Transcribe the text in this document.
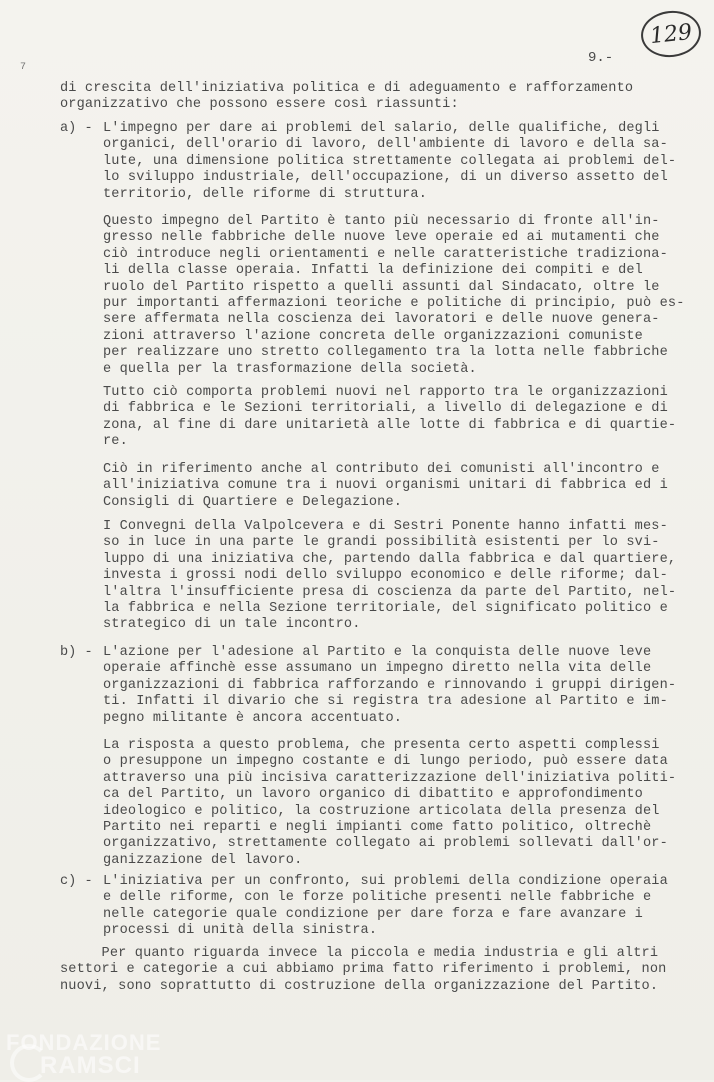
129
9.-
7
di crescita dell'iniziativa politica e di adeguamento e rafforzamento
organizzativo che possono essere così riassunti:
a) - L'impegno per dare ai problemi del salario, delle qualifiche, degli
organici, dell'orario di lavoro, dell'ambiente di lavoro e della sa-
lute, una dimensione politica strettamente collegata ai problemi del-
lo sviluppo industriale, dell'occupazione, di un diverso assetto del
territorio, delle riforme di struttura.
Questo impegno del Partito è tanto più necessario di fronte all'in-
gresso nelle fabbriche delle nuove leve operaie ed ai mutamenti che
ciò introduce negli orientamenti e nelle caratteristiche tradiziona-
li della classe operaia. Infatti la definizione dei compiti e del
ruolo del Partito rispetto a quelli assunti dal Sindacato, oltre le
pur importanti affermazioni teoriche e politiche di principio, può es-
sere affermata nella coscienza dei lavoratori e delle nuove genera-
zioni attraverso l'azione concreta delle organizzazioni comuniste
per realizzare uno stretto collegamento tra la lotta nelle fabbriche
e quella per la trasformazione della società.
Tutto ciò comporta problemi nuovi nel rapporto tra le organizzazioni
di fabbrica e le Sezioni territoriali, a livello di delegazione e di
zona, al fine di dare unitarietà alle lotte di fabbrica e di quartie-
re.
Ciò in riferimento anche al contributo dei comunisti all'incontro e
all'iniziativa comune tra i nuovi organismi unitari di fabbrica ed i
Consigli di Quartiere e Delegazione.
I Convegni della Valpolcevera e di Sestri Ponente hanno infatti mes-
so in luce in una parte le grandi possibilità esistenti per lo svi-
luppo di una iniziativa che, partendo dalla fabbrica e dal quartiere,
investa i grossi nodi dello sviluppo economico e delle riforme; dal-
l'altra l'insufficiente presa di coscienza da parte del Partito, nel-
la fabbrica e nella Sezione territoriale, del significato politico e
strategico di un tale incontro.
b) - L'azione per l'adesione al Partito e la conquista delle nuove leve
operaie affinchè esse assumano un impegno diretto nella vita delle
organizzazioni di fabbrica rafforzando e rinnovando i gruppi dirigen-
ti. Infatti il divario che si registra tra adesione al Partito e im-
pegno militante è ancora accentuato.
La risposta a questo problema, che presenta certo aspetti complessi
o presuppone un impegno costante e di lungo periodo, può essere data
attraverso una più incisiva caratterizzazione dell'iniziativa politi-
ca del Partito, un lavoro organico di dibattito e approfondimento
ideologico e politico, la costruzione articolata della presenza del
Partito nei reparti e negli impianti come fatto politico, oltrechè
organizzativo, strettamente collegato ai problemi sollevati dall'or-
ganizzazione del lavoro.
c) - L'iniziativa per un confronto, sui problemi della condizione operaia
e delle riforme, con le forze politiche presenti nelle fabbriche e
nelle categorie quale condizione per dare forza e fare avanzare i
processi di unità della sinistra.
Per quanto riguarda invece la piccola e media industria e gli altri
settori e categorie a cui abbiamo prima fatto riferimento i problemi, non
nuovi, sono soprattutto di costruzione della organizzazione del Partito.
FONDAZIONE
RAMSCI
